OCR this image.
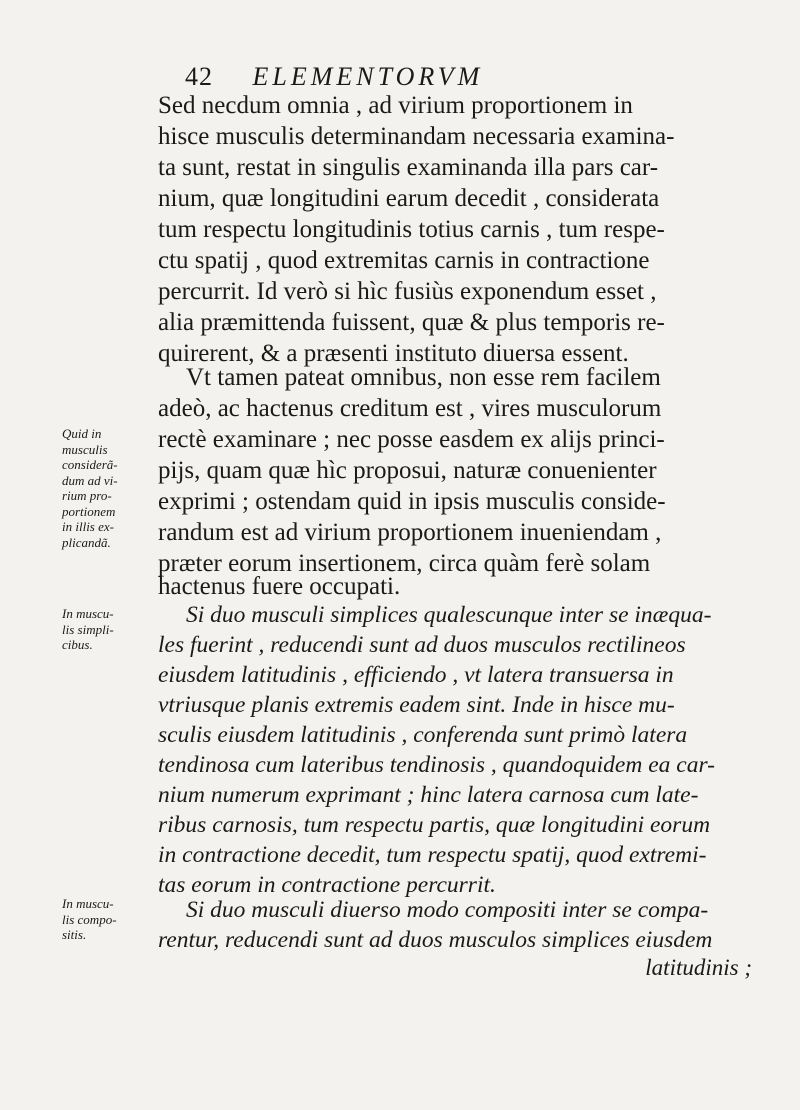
42 ELEMENTORVM
Sed necdum omnia , ad virium proportionem in
hisce musculis determinandam necessaria examina-
ta sunt, restat in singulis examinanda illa pars car-
nium, quæ longitudini earum decedit , considerata
tum respectu longitudinis totius carnis , tum respe-
ctu spatij , quod extremitas carnis in contractione
percurrit. Id verò si hìc fusiùs exponendum esset ,
alia præmittenda fuissent, quæ & plus temporis re-
quirerent, & a præsenti instituto diuersa essent.
Vt tamen pateat omnibus, non esse rem facilem
adeò, ac hactenus creditum est , vires musculorum
rectè examinare ; nec posse easdem ex alijs princi-
pijs, quam quæ hìc proposui, naturæ conuenienter
exprimi ; ostendam quid in ipsis musculis conside-
randum est ad virium proportionem inueniendam ,
præter eorum insertionem, circa quàm ferè solam
hactenus fuere occupati.
Si duo musculi simplices qualescunque inter se inæqua-
les fuerint , reducendi sunt ad duos musculos rectilineos
eiusdem latitudinis , efficiendo , vt latera transuersa in
vtriusque planis extremis eadem sint. Inde in hisce mu-
sculis eiusdem latitudinis , conferenda sunt primò latera
tendinosa cum lateribus tendinosis , quandoquidem ea car-
nium numerum exprimant ; hinc latera carnosa cum late-
ribus carnosis, tum respectu partis, quæ longitudini eorum
in contractione decedit, tum respectu spatij, quod extremi-
tas eorum in contractione percurrit.
Si duo musculi diuerso modo compositi inter se compa-
rentur, reducendi sunt ad duos musculos simplices eiusdem
latitudinis ;
Quid in
musculis
considerã-
dum ad vi-
rium pro-
portionem
in illis ex-
plicandã.
In muscu-
lis simpli-
cibus.
In muscu-
lis compo-
sitis.
